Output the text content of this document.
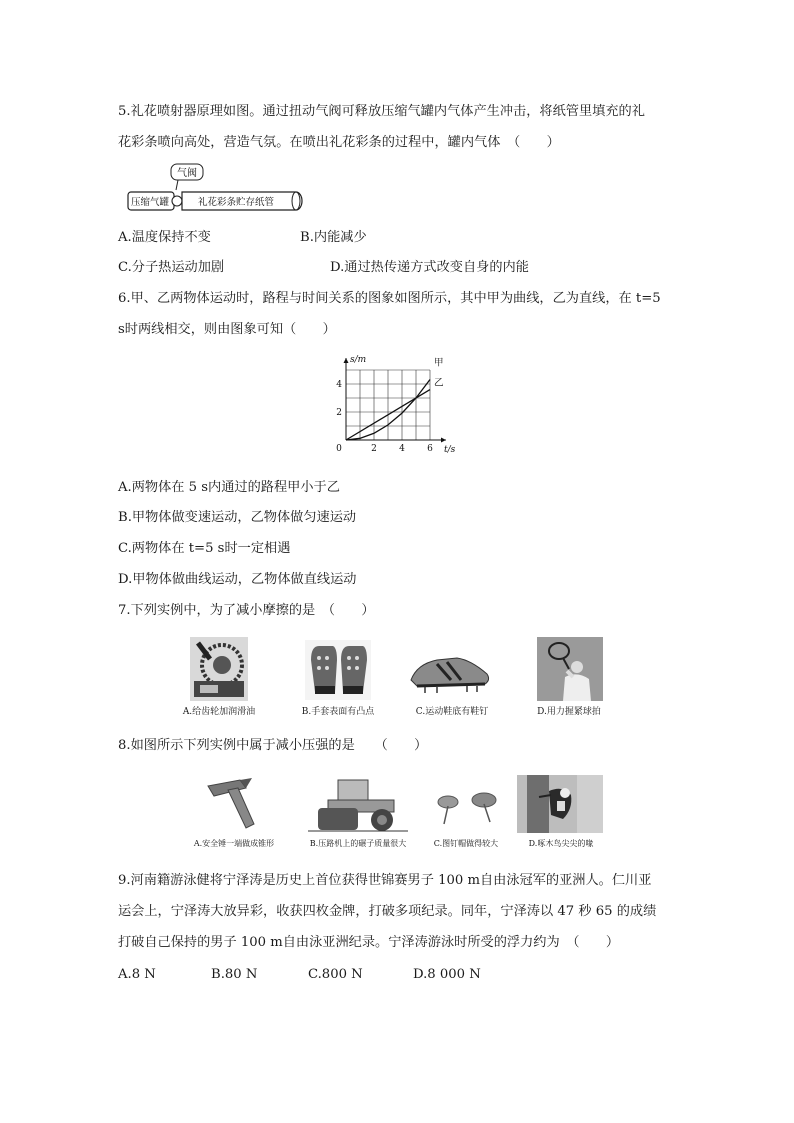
5.礼花喷射器原理如图。通过扭动气阀可释放压缩气罐内气体产生冲击，将纸管里填充的礼
花彩条喷向高处，营造气氛。在喷出礼花彩条的过程中，罐内气体　（　　）
气阀
压缩气罐	礼花彩条贮存纸管
A.温度保持不变	B.内能减少
C.分子热运动加剧	D.通过热传递方式改变自身的内能
6.甲、乙两物体运动时，路程与时间关系的图象如图所示，其中甲为曲线，乙为直线，在 t=5
s时两线相交，则由图象可知（　　）
0	2 4 6
2
4
s/m
t/s
甲
乙
A.两物体在 5 s内通过的路程甲小于乙
B.甲物体做变速运动，乙物体做匀速运动
C.两物体在 t=5 s时一定相遇
D.甲物体做曲线运动，乙物体做直线运动
7.下列实例中，为了减小摩擦的是　（　　）
A.给齿轮加润滑油	B.手套表面有凸点	C.运动鞋底有鞋钉	D.用力握紧球拍
8.如图所示下列实例中属于减小压强的是　　（　　）
A.安全锤一端做成锥形	B.压路机上的碾子质量很大	C.图钉帽做得较大	D.啄木鸟尖尖的喙
9.河南籍游泳健将宁泽涛是历史上首位获得世锦赛男子 100 m自由泳冠军的亚洲人。仁川亚
运会上，宁泽涛大放异彩，收获四枚金牌，打破多项纪录。同年，宁泽涛以 47 秒 65 的成绩
打破自己保持的男子 100 m自由泳亚洲纪录。宁泽涛游泳时所受的浮力约为　（　　）
A.8 N	B.80 N	C.800 N	D.8 000 N
